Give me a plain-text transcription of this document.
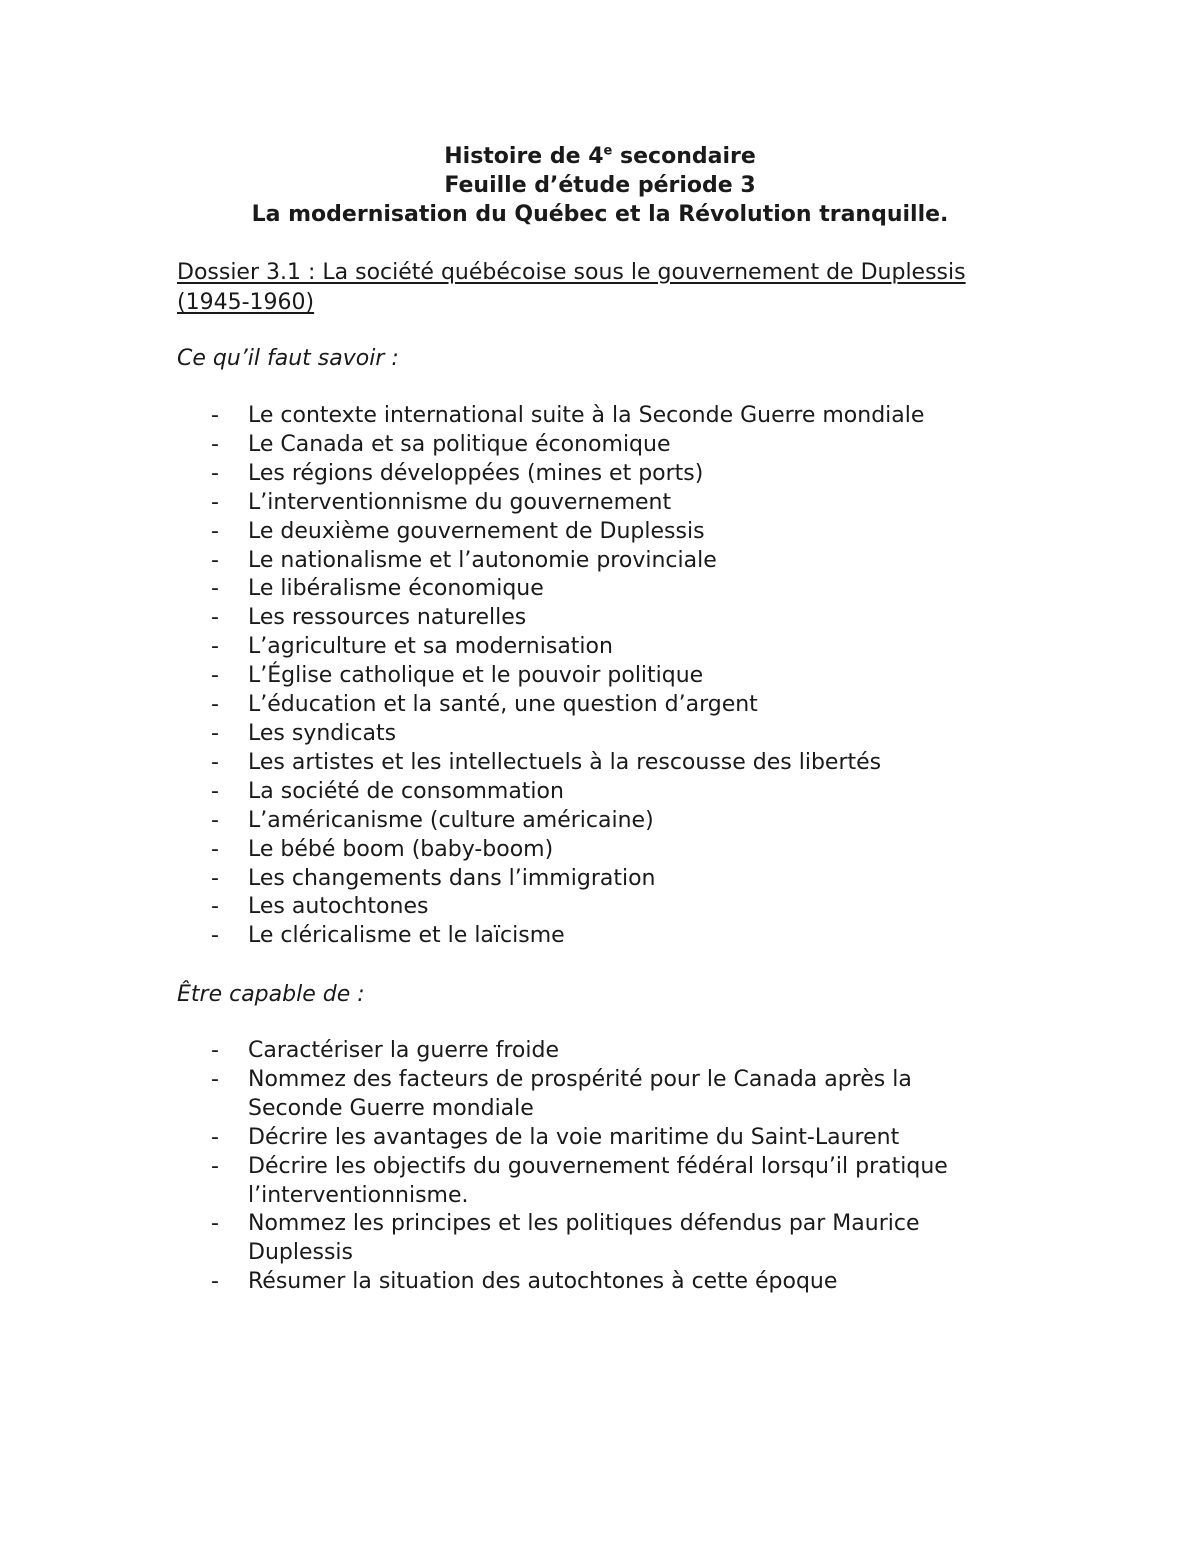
Histoire de 4e secondaire
Feuille d’étude période 3
La modernisation du Québec et la Révolution tranquille.
Dossier 3.1 : La société québécoise sous le gouvernement de Duplessis (1945-1960)
Ce qu’il faut savoir :
- Le contexte international suite à la Seconde Guerre mondiale
- Le Canada et sa politique économique
- Les régions développées (mines et ports)
- L’interventionnisme du gouvernement
- Le deuxième gouvernement de Duplessis
- Le nationalisme et l’autonomie provinciale
- Le libéralisme économique
- Les ressources naturelles
- L’agriculture et sa modernisation
- L’Église catholique et le pouvoir politique
- L’éducation et la santé, une question d’argent
- Les syndicats
- Les artistes et les intellectuels à la rescousse des libertés
- La société de consommation
- L’américanisme (culture américaine)
- Le bébé boom (baby-boom)
- Les changements dans l’immigration
- Les autochtones
- Le cléricalisme et le laïcisme
Être capable de :
- Caractériser la guerre froide
- Nommez des facteurs de prospérité pour le Canada après la Seconde Guerre mondiale
- Décrire les avantages de la voie maritime du Saint-Laurent
- Décrire les objectifs du gouvernement fédéral lorsqu’il pratique l’interventionnisme.
- Nommez les principes et les politiques défendus par Maurice Duplessis
- Résumer la situation des autochtones à cette époque
